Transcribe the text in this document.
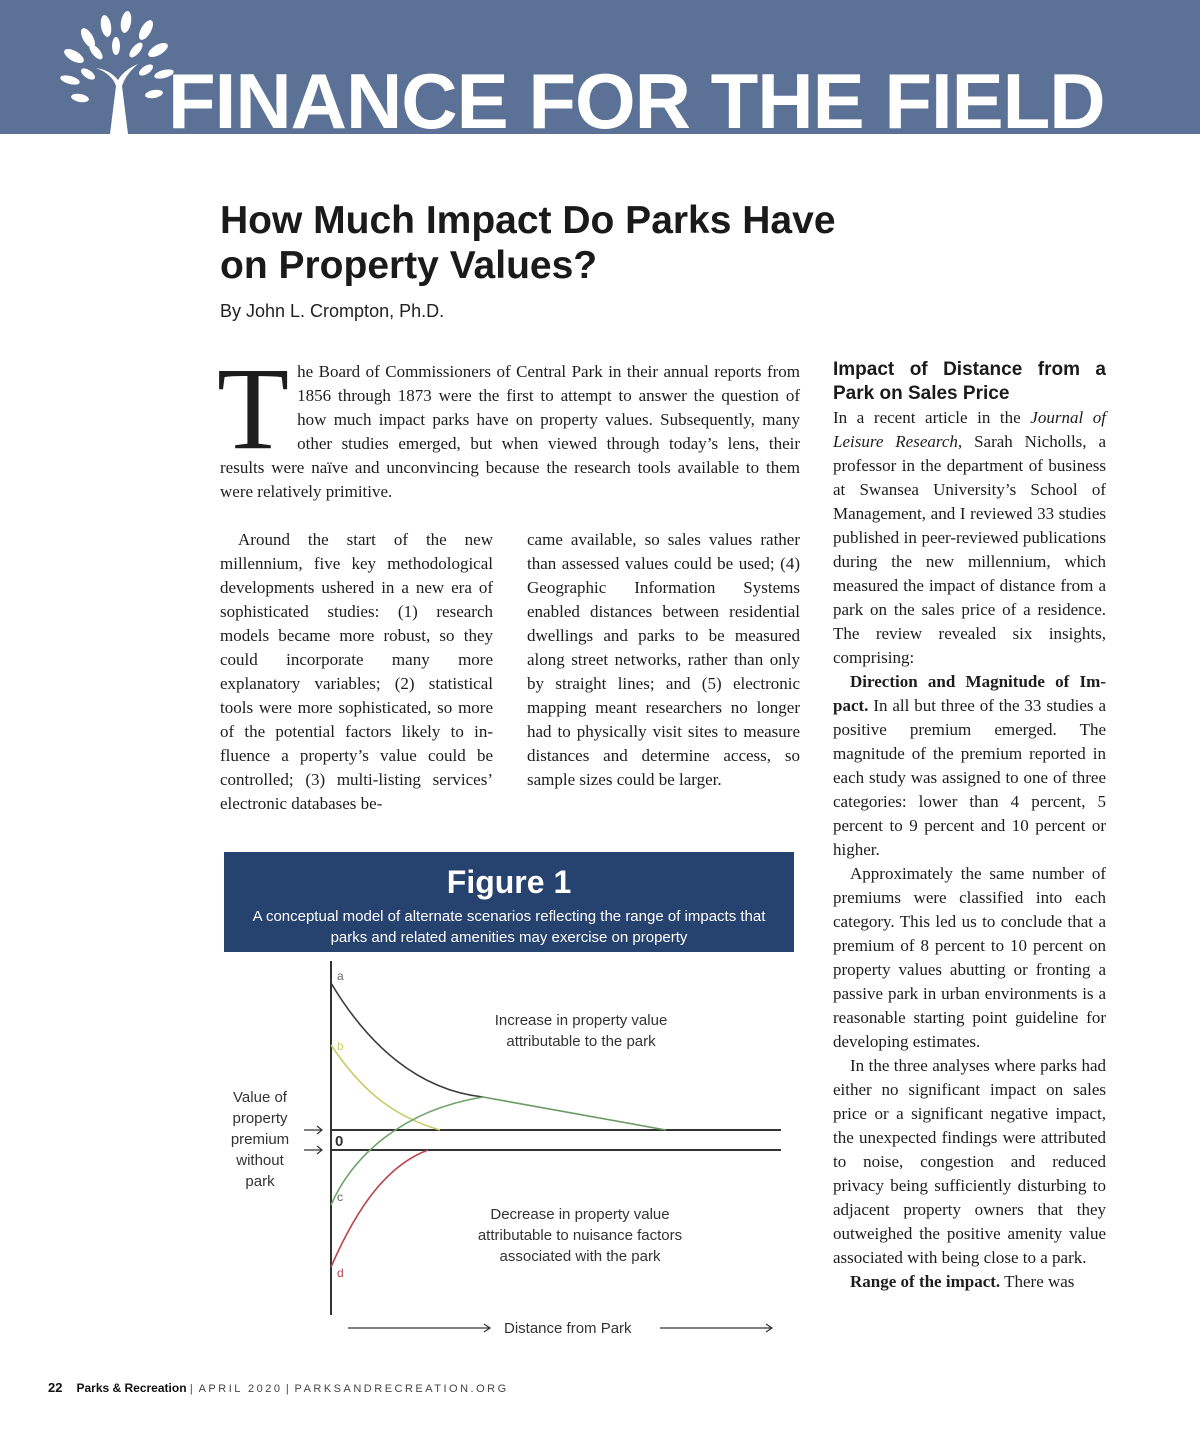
FINANCE FOR THE FIELD
How Much Impact Do Parks Have on Property Values?
By John L. Crompton, Ph.D.
The Board of Commissioners of Central Park in their annual reports from 1856 through 1873 were the first to attempt to answer the question of how much impact parks have on property values. Subsequently, many other studies emerged, but when viewed through today’s lens, their results were naïve and unconvincing because the research tools available to them were relatively primitive.

Around the start of the new millennium, five key methodological developments ushered in a new era of sophisticated studies: (1) research models became more robust, so they could incorporate many more explanatory variables; (2) statistical tools were more sophisticated, so more of the potential factors likely to influence a property’s value could be controlled; (3) multi-listing services’ electronic databases be-

came available, so sales values rather than assessed values could be used; (4) Geographic Information Systems enabled distances between residential dwellings and parks to be measured along street networks, rather than only by straight lines; and (5) electronic mapping meant researchers no longer had to physically visit sites to measure distances and determine access, so sample sizes could be larger.

Impact of Distance from a Park on Sales Price

In a recent article in the Journal of Leisure Research, Sarah Nicholls, a professor in the department of business at Swansea University’s School of Management, and I reviewed 33 studies published in peer-reviewed publications during the new millennium, which measured the impact of distance from a park on the sales price of a residence. The review revealed six insights, comprising:

Direction and Magnitude of Impact. In all but three of the 33 studies a positive premium emerged. The magnitude of the premium reported in each study was assigned to one of three categories: lower than 4 percent, 5 percent to 9 percent and 10 percent or higher.

Approximately the same number of premiums were classified into each category. This led us to conclude that a premium of 8 percent to 10 percent on property values abutting or fronting a passive park in urban environments is a reasonable starting point guideline for developing estimates.

In the three analyses where parks had either no significant impact on sales price or a significant negative impact, the unexpected findings were attributed to noise, congestion and reduced privacy being sufficiently disturbing to adjacent property owners that they outweighed the positive amenity value associated with being close to a park.

Range of the impact. There was

Figure 1
A conceptual model of alternate scenarios reflecting the range of impacts that parks and related amenities may exercise on property
a
b
c
d
0
Value of
property
premium
without
park
Increase in property value
attributable to the park
Decrease in property value
attributable to nuisance factors
associated with the park
Distance from Park
22 Parks & Recreation | APRIL 2020 | PARKSANDRECREATION.ORG
